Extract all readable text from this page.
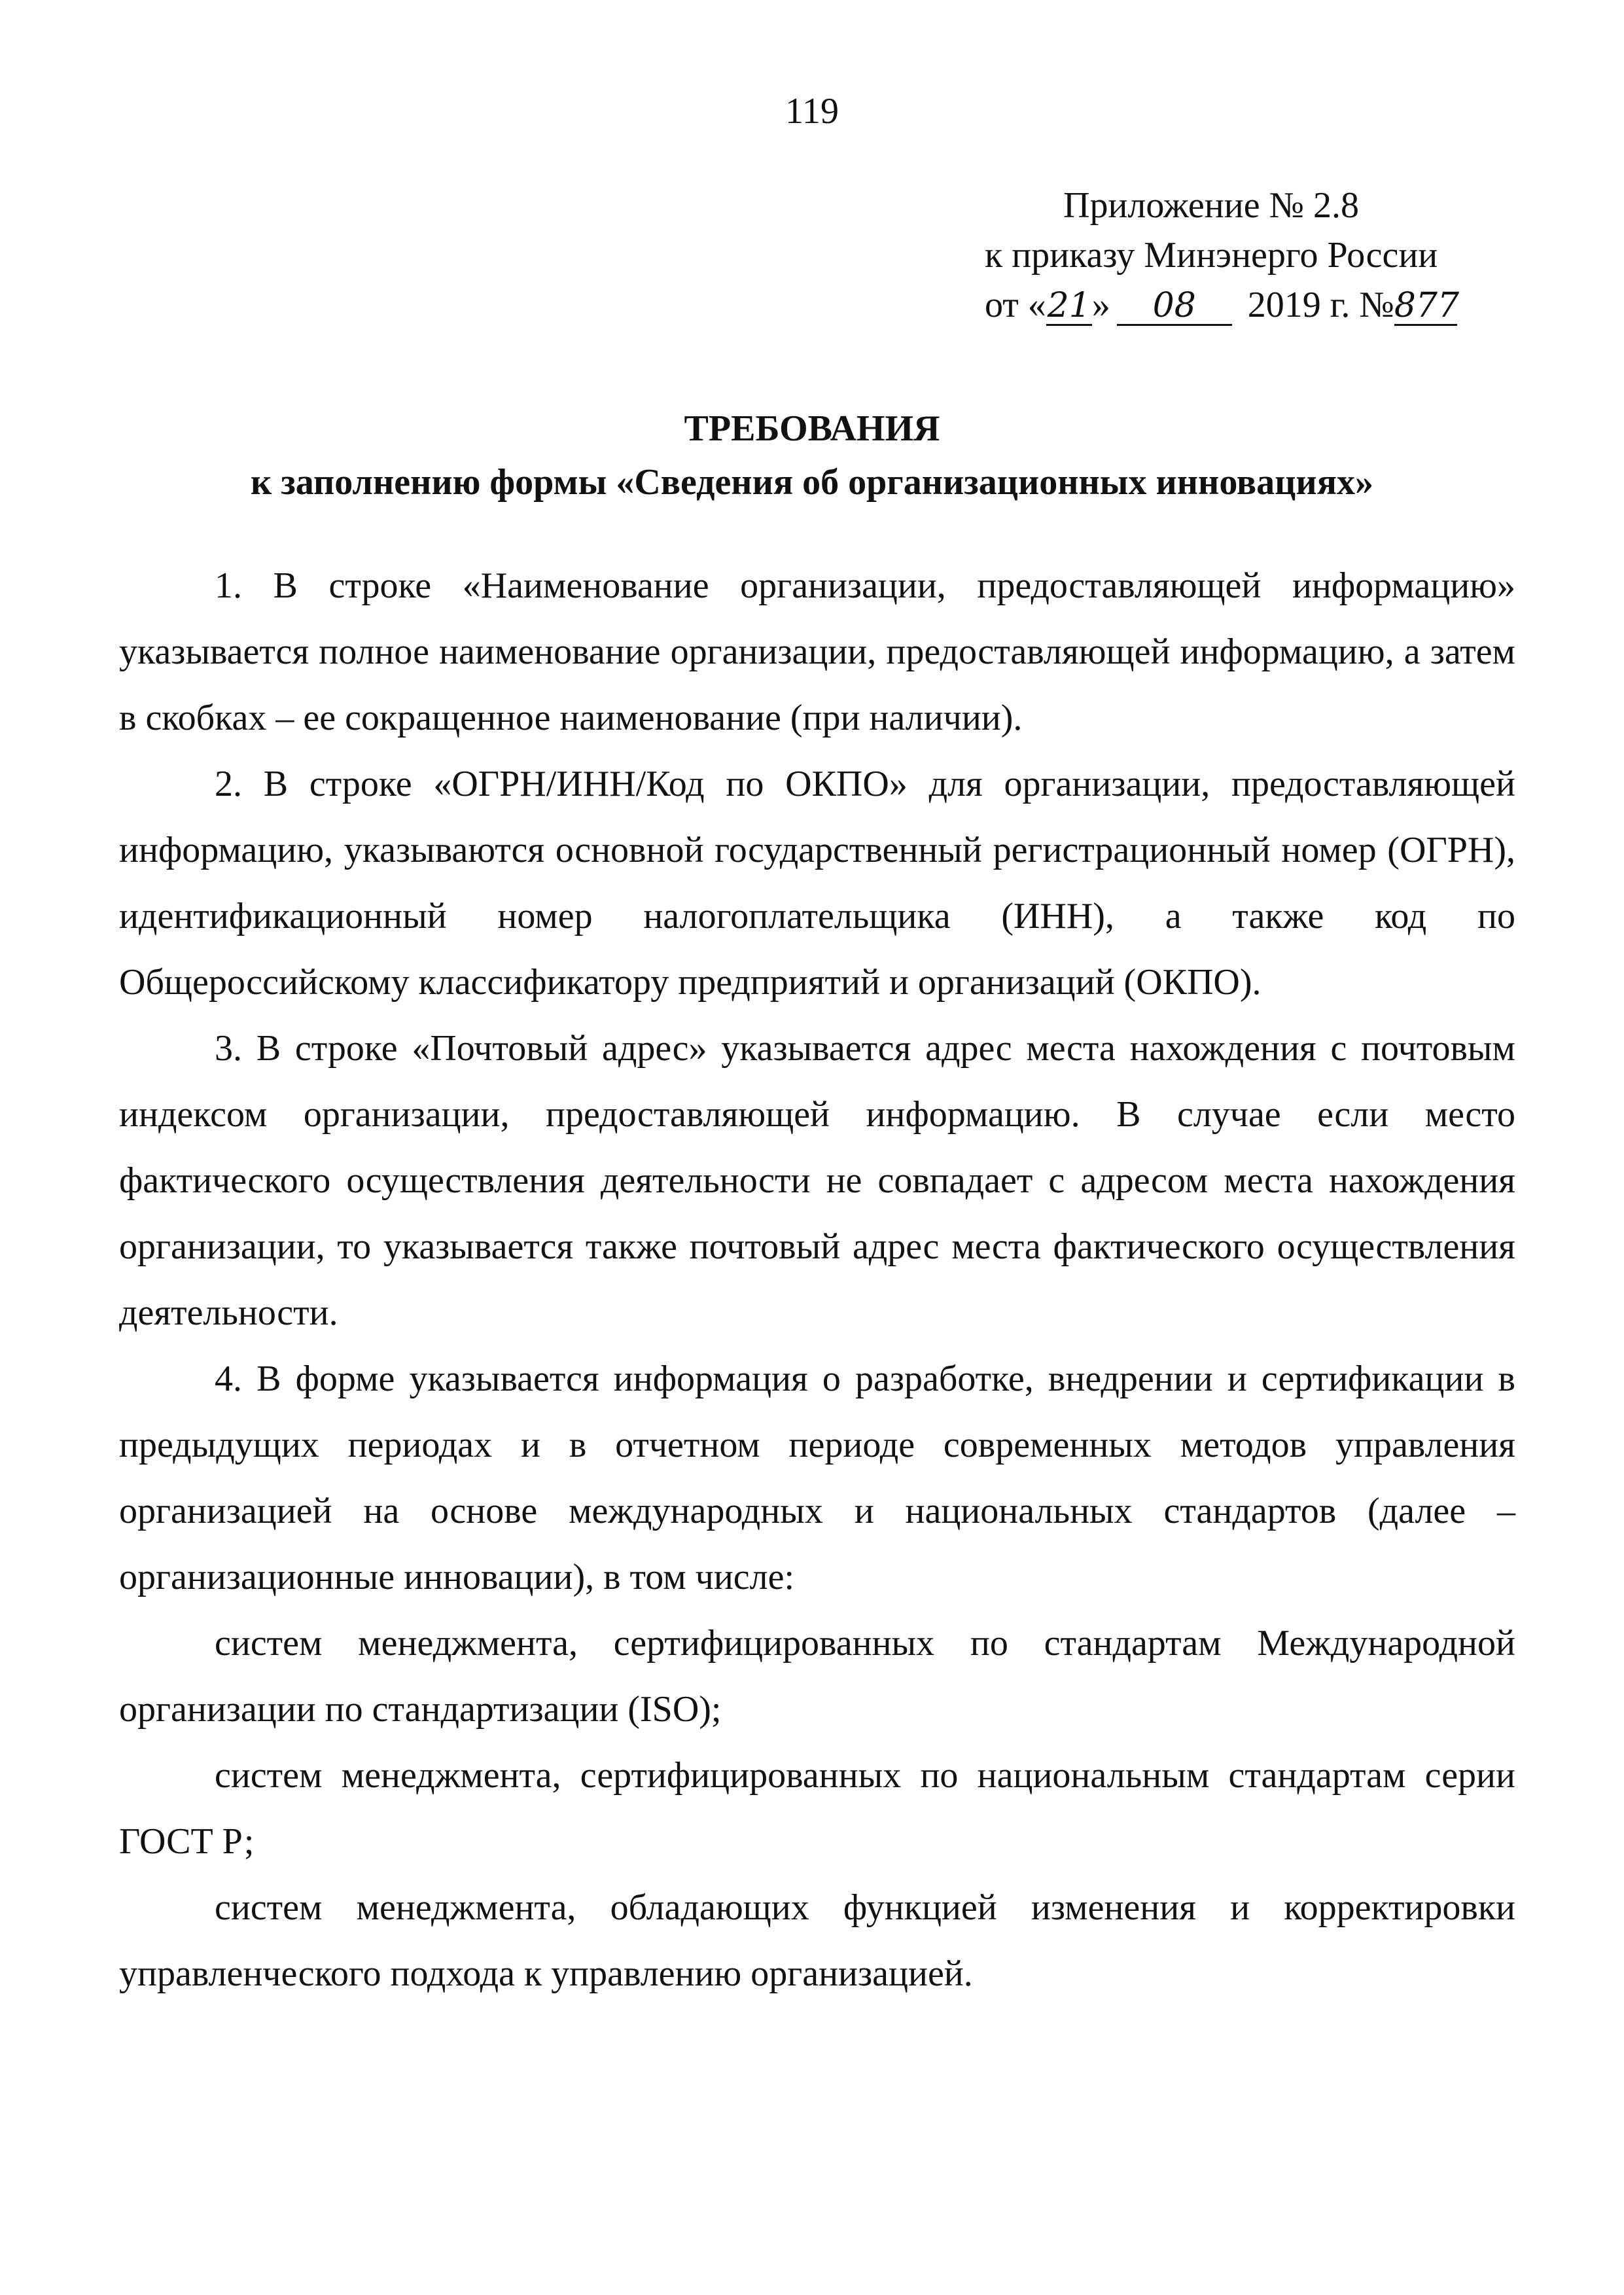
119
Приложение № 2.8
к приказу Минэнерго России
от «21» 08 2019 г. №877
ТРЕБОВАНИЯ
к заполнению формы «Сведения об организационных инновациях»

1. В строке «Наименование организации, предоставляющей информацию» указывается полное наименование организации, предоставляющей информацию, а затем в скобках – ее сокращенное наименование (при наличии).

2. В строке «ОГРН/ИНН/Код по ОКПО» для организации, предоставляющей информацию, указываются основной государственный регистрационный номер (ОГРН), идентификационный номер налогоплательщика (ИНН), а также код по Общероссийскому классификатору предприятий и организаций (ОКПО).

3. В строке «Почтовый адрес» указывается адрес места нахождения с почтовым индексом организации, предоставляющей информацию. В случае если место фактического осуществления деятельности не совпадает с адресом места нахождения организации, то указывается также почтовый адрес места фактического осуществления деятельности.

4. В форме указывается информация о разработке, внедрении и сертификации в предыдущих периодах и в отчетном периоде современных методов управления организацией на основе международных и национальных стандартов (далее – организационные инновации), в том числе:

систем менеджмента, сертифицированных по стандартам Международной организации по стандартизации (ISO);

систем менеджмента, сертифицированных по национальным стандартам серии ГОСТ Р;

систем менеджмента, обладающих функцией изменения и корректировки управленческого подхода к управлению организацией.
